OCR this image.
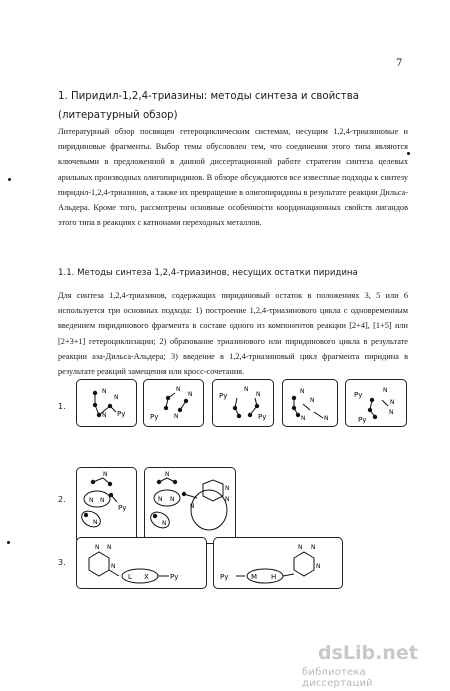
7
1. Пиридил-1,2,4-триазины: методы синтеза и свойства (литературный обзор)
Литературный обзор посвящен гетероциклическим системам, несущим 1,2,4-триазиновые и пиридиновые фрагменты. Выбор темы обусловлен тем, что соединения этого типа являются ключевыми в предложенной в данной диссертационной работе стратегии синтеза целевых арильных производных олигопиридинов. В обзоре обсуждаются все известные подходы к синтезу пиридил-1,2,4-триазинов, а также их превращение в олигопиридины в результате реакции Дильса-Альдера. Кроме того, рассмотрены основные особенности координационных свойств лигандов этого типа в реакциях с катионами переходных металлов.
1.1. Методы синтеза 1,2,4-триазинов, несущих остатки пиридина
Для синтеза 1,2,4-триазинов, содержащих пиридиновый остаток в положениях 3, 5 или 6 используется три основных подхода: 1) построение 1,2,4-триазинового цикла с одновременным введением пиридинового фрагмента в составе одного из компонентов реакции [2+4], [1+5] или [2+3+1] гетероциклизации; 2) образование триазинового или пиридинового цикла в результате реакции аза-Дильса-Альдера; 3) введение в 1,2,4-триазиновый цикл фрагмента пиридина в результате реакций замещения или кросс-сочетания.
1.
2.
3.
N
N
N Py
N
N
N
Py
N
N
Py
Py
N
N
N	N
N
N
N
Py
Py
N
N N
N
Py
N
N N
N
N
N
N
N N
N
L X	Py	Py	M H
N N
N
dsLib.net
библиотека диссертаций
